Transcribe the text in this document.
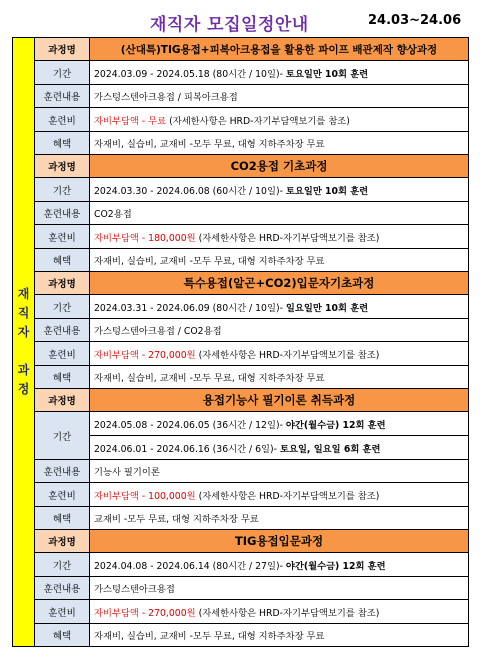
재직자 모집일정안내	24.03~24.06
재
직
자

과
정	과정명	(산대특)TIG용접+피복아크용접을 활용한 파이프 배관제작 향상과정
	기간	2024.03.09 - 2024.05.18 (80시간 / 10일)- 토요일만 10회 훈련
	훈련내용	가스텅스텐아크용접 / 피복아크용접
	훈련비	자비부담액 - 무료 (자세한사항은 HRD-자기부담액보기를 참조)
	혜택	자재비, 실습비, 교재비 -모두 무료, 대형 지하주차장 무료
	과정명	CO2용접 기초과정
	기간	2024.03.30 - 2024.06.08 (60시간 / 10일)- 토요일만 10회 훈련
	훈련내용	CO2용접
	훈련비	자비부담액 - 180,000원 (자세한사항은 HRD-자기부담액보기를 참조)
	혜택	자재비, 실습비, 교재비 -모두 무료, 대형 지하주차장 무료
	과정명	특수용접(알곤+CO2)입문자기초과정
	기간	2024.03.31 - 2024.06.09 (80시간 / 10일)- 일요일만 10회 훈련
	훈련내용	가스텅스텐아크용접 / CO2용접
	훈련비	자비부담액 - 270,000원 (자세한사항은 HRD-자기부담액보기를 참조)
	혜택	자재비, 실습비, 교재비 -모두 무료, 대형 지하주차장 무료
	과정명	용접기능사 필기이론 취득과정
	기간	2024.05.08 - 2024.06.05 (36시간 / 12일)- 야간(월수금) 12회 훈련
		2024.06.01 - 2024.06.16 (36시간 / 6일)- 토요일, 일요일 6회 훈련
	훈련내용	기능사 필기이론
	훈련비	자비부담액 - 100,000원 (자세한사항은 HRD-자기부담액보기를 참조)
	혜택	교재비 -모두 무료, 대형 지하주차장 무료
	과정명	TIG용접입문과정
	기간	2024.04.08 - 2024.06.14 (80시간 / 27일)- 야간(월수금) 12회 훈련
	훈련내용	가스텅스텐아크용접
	훈련비	자비부담액 - 270,000원 (자세한사항은 HRD-자기부담액보기를 참조)
	혜택	자재비, 실습비, 교재비 -모두 무료, 대형 지하주차장 무료
